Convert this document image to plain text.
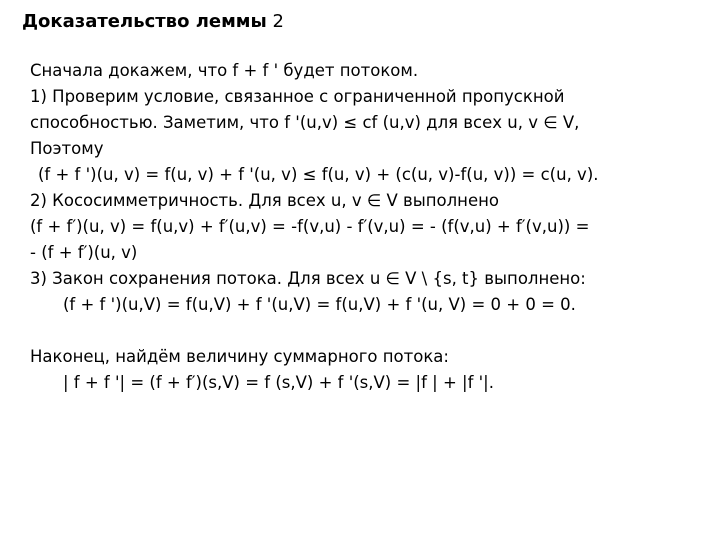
Доказательство леммы 2

Сначала докажем, что f + f ' будет потоком.

1) Проверим условие, связанное с ограниченной пропускной

способностью. Заметим, что f '(u,v) ≤ cf (u,v) для всех u, v ∈ V,

Поэтому

(f + f ')(u, v) = f(u, v) + f '(u, v) ≤ f(u, v) + (c(u, v)-f(u, v)) = c(u, v).

2) Кососимметричность. Для всех u, v ∈ V выполнено

(f + f′)(u, v) = f(u,v) + f′(u,v) = -f(v,u) - f′(v,u) = - (f(v,u) + f′(v,u)) =

- (f + f′)(u, v)

3) Закон сохранения потока. Для всех u ∈ V \ {s, t} выполнено:

(f + f ')(u,V) = f(u,V) + f '(u,V) = f(u,V) + f '(u, V) = 0 + 0 = 0.

Наконец, найдём величину суммарного потока:

| f + f '| = (f + f′)(s,V) = f (s,V) + f '(s,V) = |f | + |f '|.
